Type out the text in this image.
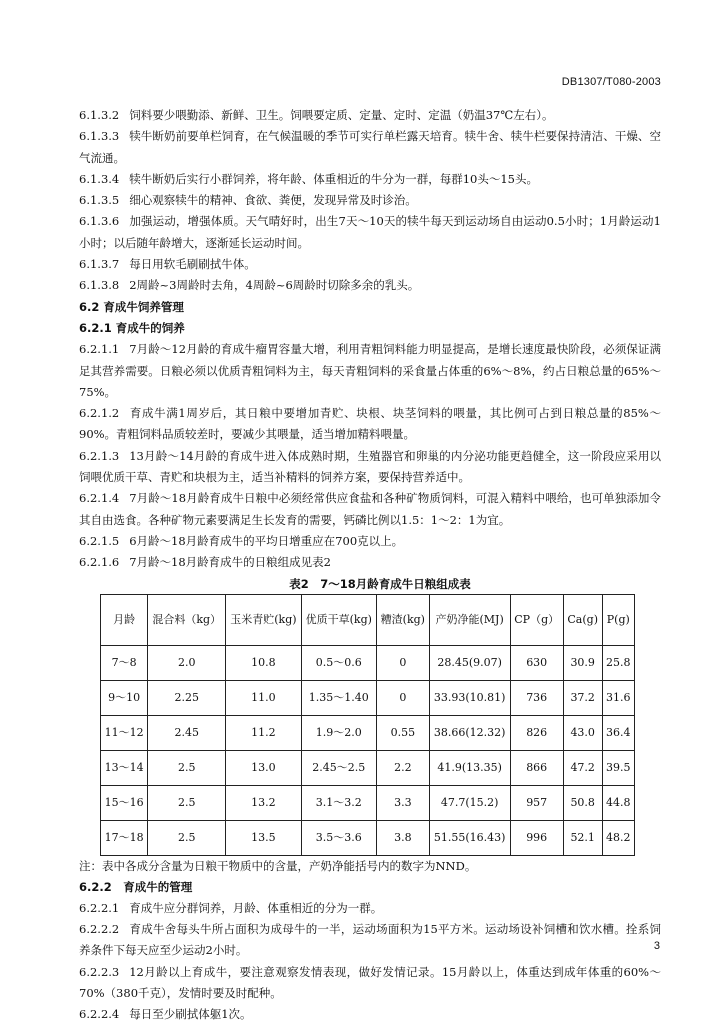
DB1307/T080-2003

6.1.3.2 饲料要少喂勤添、新鲜、卫生。饲喂要定质、定量、定时、定温（奶温37℃左右）。

6.1.3.3 犊牛断奶前要单栏饲育，在气候温暖的季节可实行单栏露天培育。犊牛舍、犊牛栏要保持清洁、干燥、空气流通。

6.1.3.4 犊牛断奶后实行小群饲养，将年龄、体重相近的牛分为一群，每群10头～15头。

6.1.3.5 细心观察犊牛的精神、食欲、粪便，发现异常及时诊治。

6.1.3.6 加强运动，增强体质。天气晴好时，出生7天～10天的犊牛每天到运动场自由运动0.5小时；1月龄运动1小时；以后随年龄增大，逐渐延长运动时间。

6.1.3.7 每日用软毛刷刷拭牛体。

6.1.3.8 2周龄~3周龄时去角，4周龄~6周龄时切除多余的乳头。

6.2 育成牛饲养管理

6.2.1 育成牛的饲养

6.2.1.1 7月龄～12月龄的育成牛瘤胃容量大增，利用青粗饲料能力明显提高，是增长速度最快阶段，必须保证满足其营养需要。日粮必须以优质青粗饲料为主，每天青粗饲料的采食量占体重的6%～8%，约占日粮总量的65%～75%。

6.2.1.2 育成牛满1周岁后，其日粮中要增加青贮、块根、块茎饲料的喂量，其比例可占到日粮总量的85%～90%。青粗饲料品质较差时，要减少其喂量，适当增加精料喂量。

6.2.1.3 13月龄～14月龄的育成牛进入体成熟时期，生殖器官和卵巢的内分泌功能更趋健全，这一阶段应采用以饲喂优质干草、青贮和块根为主，适当补精料的饲养方案，要保持营养适中。

6.2.1.4 7月龄～18月龄育成牛日粮中必须经常供应食盐和各种矿物质饲料，可混入精料中喂给，也可单独添加令其自由选食。各种矿物元素要满足生长发育的需要，钙磷比例以1.5：1～2：1为宜。

6.2.1.5 6月龄～18月龄育成牛的平均日增重应在700克以上。

6.2.1.6 7月龄～18月龄育成牛的日粮组成见表2

表2　7～18月龄育成牛日粮组成表

月龄	混合料（kg）	玉米青贮(kg)	优质干草(kg)	糟渣(kg)	产奶净能(MJ)	CP（g）	Ca(g)	P(g)
7～8	2.0	10.8	0.5～0.6	0	28.45(9.07)	630	30.9	25.8
9～10	2.25	11.0	1.35～1.40	0	33.93(10.81)	736	37.2	31.6
11～12	2.45	11.2	1.9～2.0	0.55	38.66(12.32)	826	43.0	36.4
13～14	2.5	13.0	2.45～2.5	2.2	41.9(13.35)	866	47.2	39.5
15～16	2.5	13.2	3.1～3.2	3.3	47.7(15.2)	957	50.8	44.8
17～18	2.5	13.5	3.5～3.6	3.8	51.55(16.43)	996	52.1	48.2

注：表中各成分含量为日粮干物质中的含量，产奶净能括号内的数字为NND。

6.2.2　育成牛的管理

6.2.2.1 育成牛应分群饲养，月龄、体重相近的分为一群。

6.2.2.2 育成牛舍每头牛所占面积为成母牛的一半，运动场面积为15平方米。运动场设补饲槽和饮水槽。拴系饲养条件下每天应至少运动2小时。

6.2.2.3 12月龄以上育成牛，要注意观察发情表现，做好发情记录。15月龄以上，体重达到成年体重的60%～70%（380千克），发情时要及时配种。

6.2.2.4 每日至少刷拭体躯1次。

3
